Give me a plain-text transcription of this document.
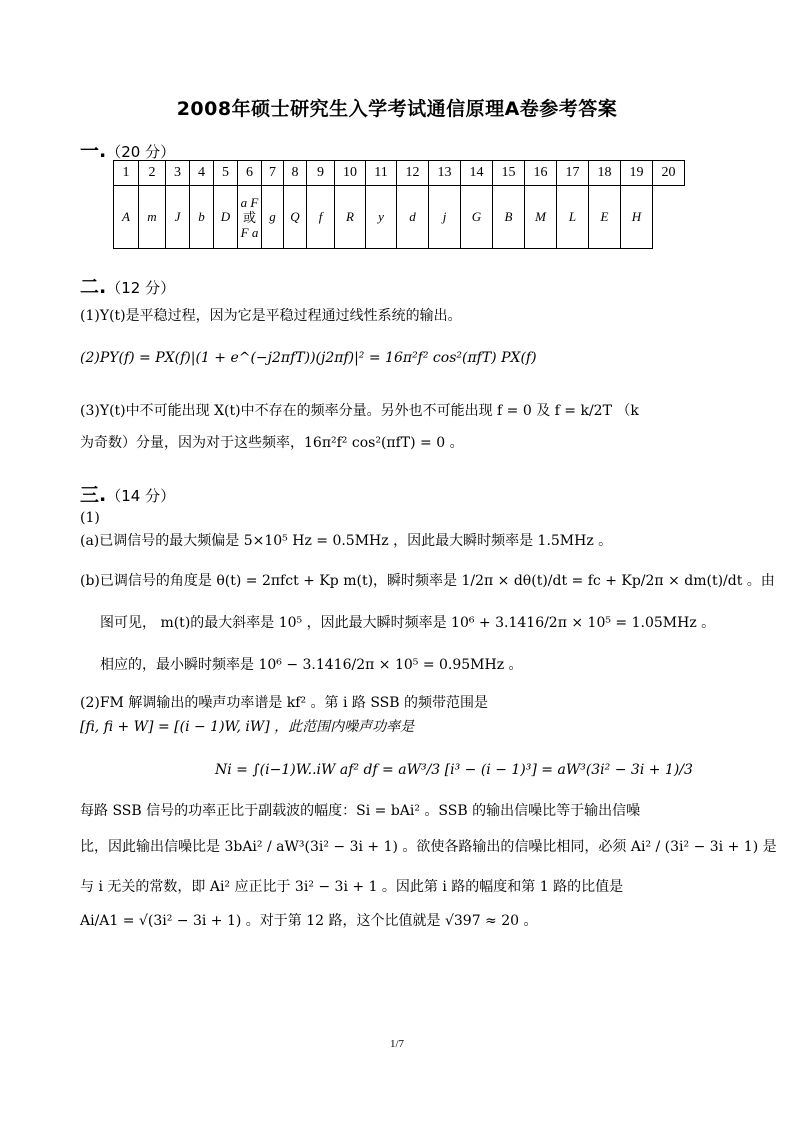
2008年硕士研究生入学考试通信原理A卷参考答案
一.（20 分）
1	2	3	4	5	6	7	8	9	10	11	12	13	14	15	16	17	18	19	20
A	m	J	b	D	a F
或
F a	g	Q	f	R	y	d	j	G	B	M	L	E	H	
二.（12 分）
(1)Y(t)是平稳过程，因为它是平稳过程通过线性系统的输出。
(2)PY(f) = PX(f)|(1 + e^(−j2πfT))(j2πf)|² = 16π²f² cos²(πfT) PX(f)
(3)Y(t)中不可能出现 X(t)中不存在的频率分量。另外也不可能出现 f = 0 及 f = k/2T （k
为奇数）分量，因为对于这些频率，16π²f² cos²(πfT) = 0 。
三.（14 分）
(1)
(a)已调信号的最大频偏是 5×10⁵ Hz = 0.5MHz ，因此最大瞬时频率是 1.5MHz 。
(b)已调信号的角度是 θ(t) = 2πfct + Kp m(t)，瞬时频率是 1/2π × dθ(t)/dt = fc + Kp/2π × dm(t)/dt 。由
图可见， m(t)的最大斜率是 10⁵ ，因此最大瞬时频率是 10⁶ + 3.1416/2π × 10⁵ = 1.05MHz 。
相应的，最小瞬时频率是 10⁶ − 3.1416/2π × 10⁵ = 0.95MHz 。
(2)FM 解调输出的噪声功率谱是 kf² 。第 i 路 SSB 的频带范围是
[fi, fi + W] = [(i − 1)W, iW] ，此范围内噪声功率是
Ni = ∫(i−1)W..iW af² df = aW³/3 [i³ − (i − 1)³] = aW³(3i² − 3i + 1)/3
每路 SSB 信号的功率正比于副载波的幅度：Si = bAi² 。SSB 的输出信噪比等于输出信噪
比，因此输出信噪比是 3bAi² / aW³(3i² − 3i + 1) 。欲使各路输出的信噪比相同，必须 Ai² / (3i² − 3i + 1) 是
与 i 无关的常数，即 Ai² 应正比于 3i² − 3i + 1 。因此第 i 路的幅度和第 1 路的比值是
Ai/A1 = √(3i² − 3i + 1) 。对于第 12 路，这个比值就是 √397 ≈ 20 。
1/7
